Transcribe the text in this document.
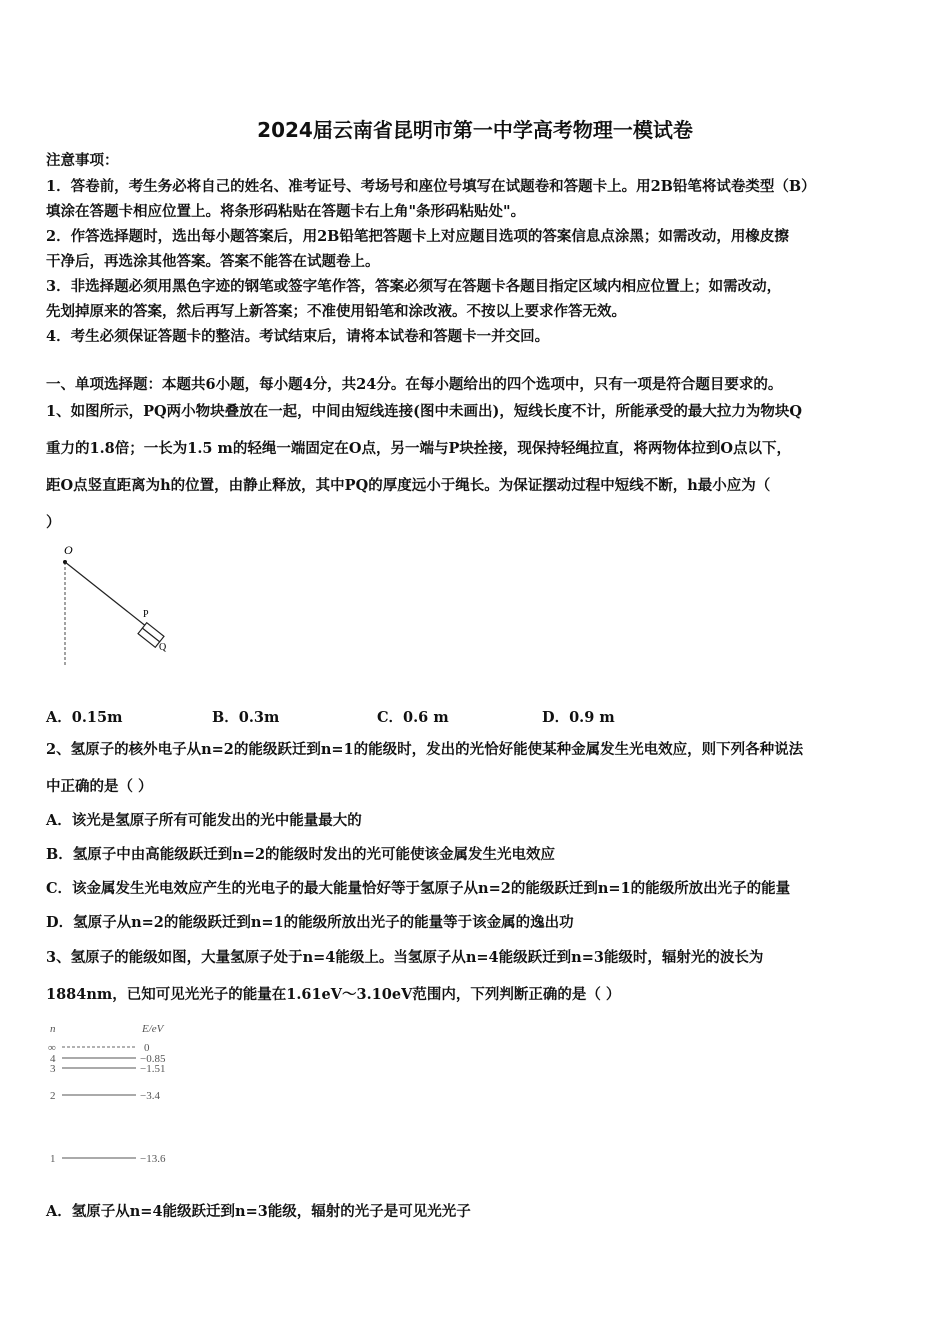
2024届云南省昆明市第一中学高考物理一模试卷
注意事项：
1．答卷前，考生务必将自己的姓名、准考证号、考场号和座位号填写在试题卷和答题卡上。用2B铅笔将试卷类型（B）
填涂在答题卡相应位置上。将条形码粘贴在答题卡右上角"条形码粘贴处"。
2．作答选择题时，选出每小题答案后，用2B铅笔把答题卡上对应题目选项的答案信息点涂黑；如需改动，用橡皮擦
干净后，再选涂其他答案。答案不能答在试题卷上。
3．非选择题必须用黑色字迹的钢笔或签字笔作答，答案必须写在答题卡各题目指定区域内相应位置上；如需改动，
先划掉原来的答案，然后再写上新答案；不准使用铅笔和涂改液。不按以上要求作答无效。
4．考生必须保证答题卡的整洁。考试结束后，请将本试卷和答题卡一并交回。
一、单项选择题：本题共6小题，每小题4分，共24分。在每小题给出的四个选项中，只有一项是符合题目要求的。
1、如图所示，PQ两小物块叠放在一起，中间由短线连接(图中未画出)，短线长度不计，所能承受的最大拉力为物块Q
重力的1.8倍；一长为1.5 m的轻绳一端固定在O点，另一端与P块拴接，现保持轻绳拉直，将两物体拉到O点以下，
距O点竖直距离为h的位置，由静止释放，其中PQ的厚度远小于绳长。为保证摆动过程中短线不断，h最小应为（
）
O
P
Q
A．0.15m	B．0.3m	C．0.6 m	D．0.9 m
2、氢原子的核外电子从n=2的能级跃迁到n=1的能级时，发出的光恰好能使某种金属发生光电效应，则下列各种说法
中正确的是（ ）
A．该光是氢原子所有可能发出的光中能量最大的
B．氢原子中由高能级跃迁到n=2的能级时发出的光可能使该金属发生光电效应
C．该金属发生光电效应产生的光电子的最大能量恰好等于氢原子从n=2的能级跃迁到n=1的能级所放出光子的能量
D．氢原子从n=2的能级跃迁到n=1的能级所放出光子的能量等于该金属的逸出功
3、氢原子的能级如图，大量氢原子处于n=4能级上。当氢原子从n=4能级跃迁到n=3能级时，辐射光的波长为
1884nm，已知可见光光子的能量在1.61eV～3.10eV范围内，下列判断正确的是（ ）
n	E/eV
∞	0
4	−0.85
3	−1.51
2	−3.4
1	−13.6
A．氢原子从n=4能级跃迁到n=3能级，辐射的光子是可见光光子
